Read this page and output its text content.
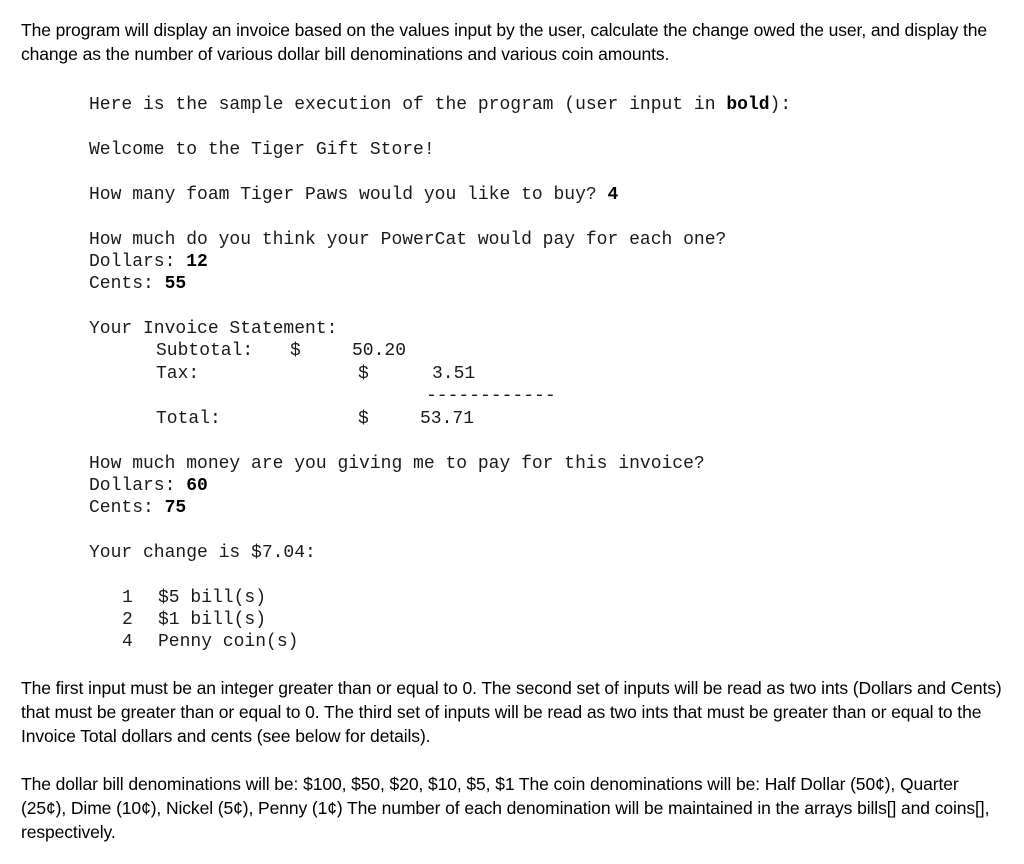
The program will display an invoice based on the values input by the user, calculate the change owed the user, and display the change as the number of various dollar bill denominations and various coin amounts.
Here is the sample execution of the program (user input in bold):
Welcome to the Tiger Gift Store!
How many foam Tiger Paws would you like to buy? 4
How much do you think your PowerCat would pay for each one?
Dollars: 12
Cents: 55
Your Invoice Statement:
Subtotal: $	50.20
Tax:	$	3.51
------------
Total:	$	53.71
How much money are you giving me to pay for this invoice?
Dollars: 60
Cents: 75
Your change is $7.04:
1 $5 bill(s)
2 $1 bill(s)
4 Penny coin(s)
The first input must be an integer greater than or equal to 0. The second set of inputs will be read as two ints (Dollars and Cents) that must be greater than or equal to 0. The third set of inputs will be read as two ints that must be greater than or equal to the Invoice Total dollars and cents (see below for details).
The dollar bill denominations will be: $100, $50, $20, $10, $5, $1 The coin denominations will be: Half Dollar (50¢), Quarter (25¢), Dime (10¢), Nickel (5¢), Penny (1¢) The number of each denomination will be maintained in the arrays bills[] and coins[], respectively.
